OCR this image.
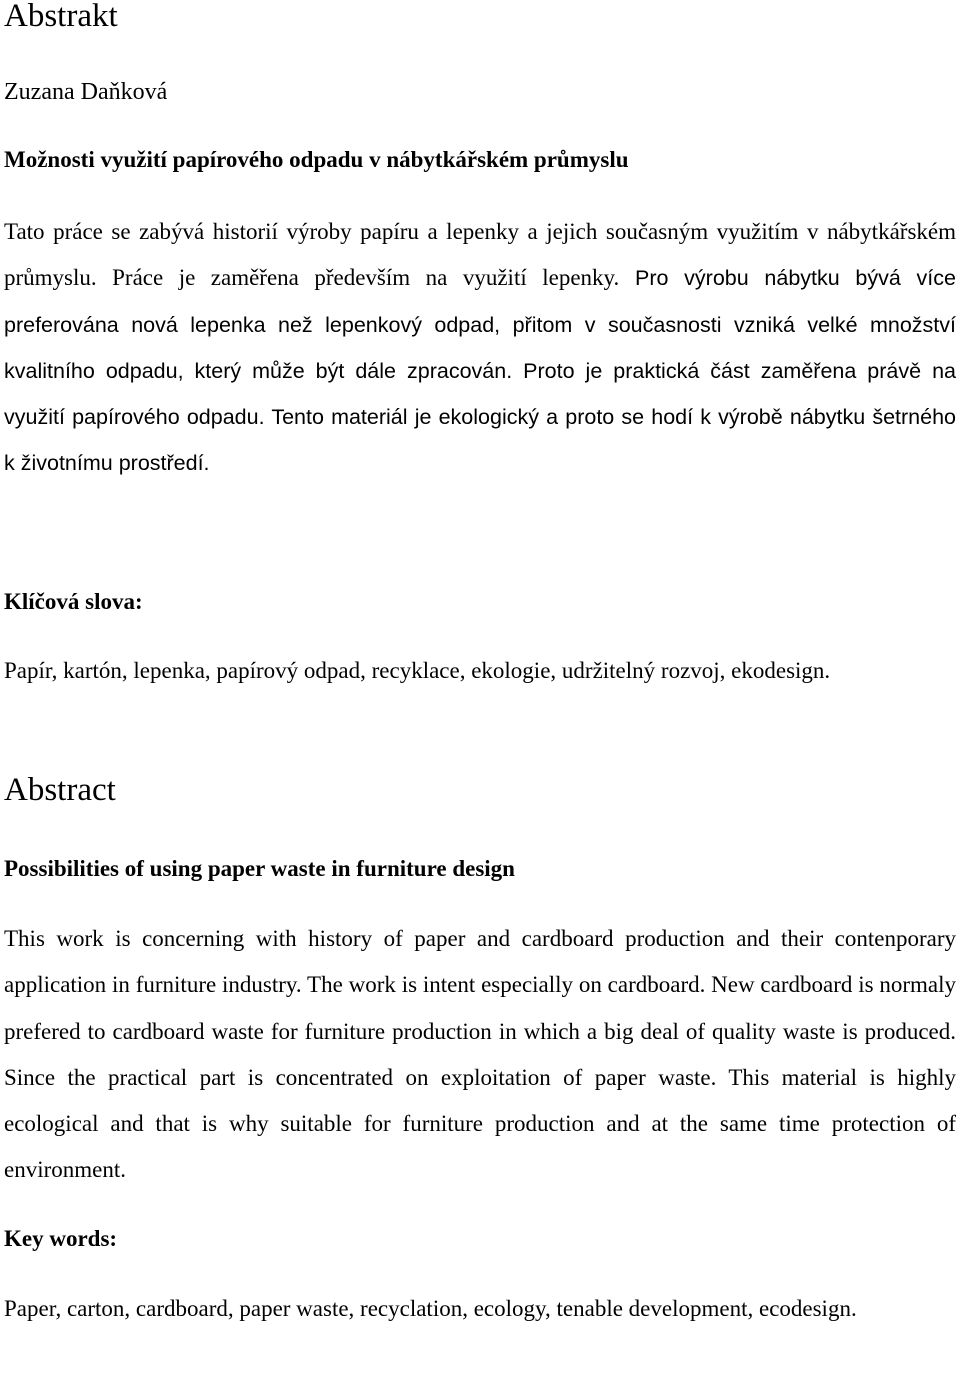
Abstrakt
Zuzana Daňková
Možnosti využití papírového odpadu v nábytkářském průmyslu

Tato práce se zabývá historií výroby papíru a lepenky a jejich současným využitím v nábytkářském průmyslu. Práce je zaměřena především na využití lepenky. Pro výrobu nábytku bývá více preferována nová lepenka než lepenkový odpad, přitom v současnosti vzniká velké množství kvalitního odpadu, který může být dále zpracován. Proto je praktická část zaměřena právě na využití papírového odpadu. Tento materiál je ekologický a proto se hodí k výrobě nábytku šetrného k životnímu prostředí.

Klíčová slova:

Papír, kartón, lepenka, papírový odpad, recyklace, ekologie, udržitelný rozvoj, ekodesign.

Abstract
Possibilities of using paper waste in furniture design

This work is concerning with history of paper and cardboard production and their contenporary application in furniture industry. The work is intent especially on cardboard. New cardboard is normaly prefered to cardboard waste for furniture production in which a big deal of quality waste is produced. Since the practical part is concentrated on exploitation of paper waste. This material is highly ecological and that is why suitable for furniture production and at the same time protection of environment.

Key words:

Paper, carton, cardboard, paper waste, recyclation, ecology, tenable development, ecodesign.
